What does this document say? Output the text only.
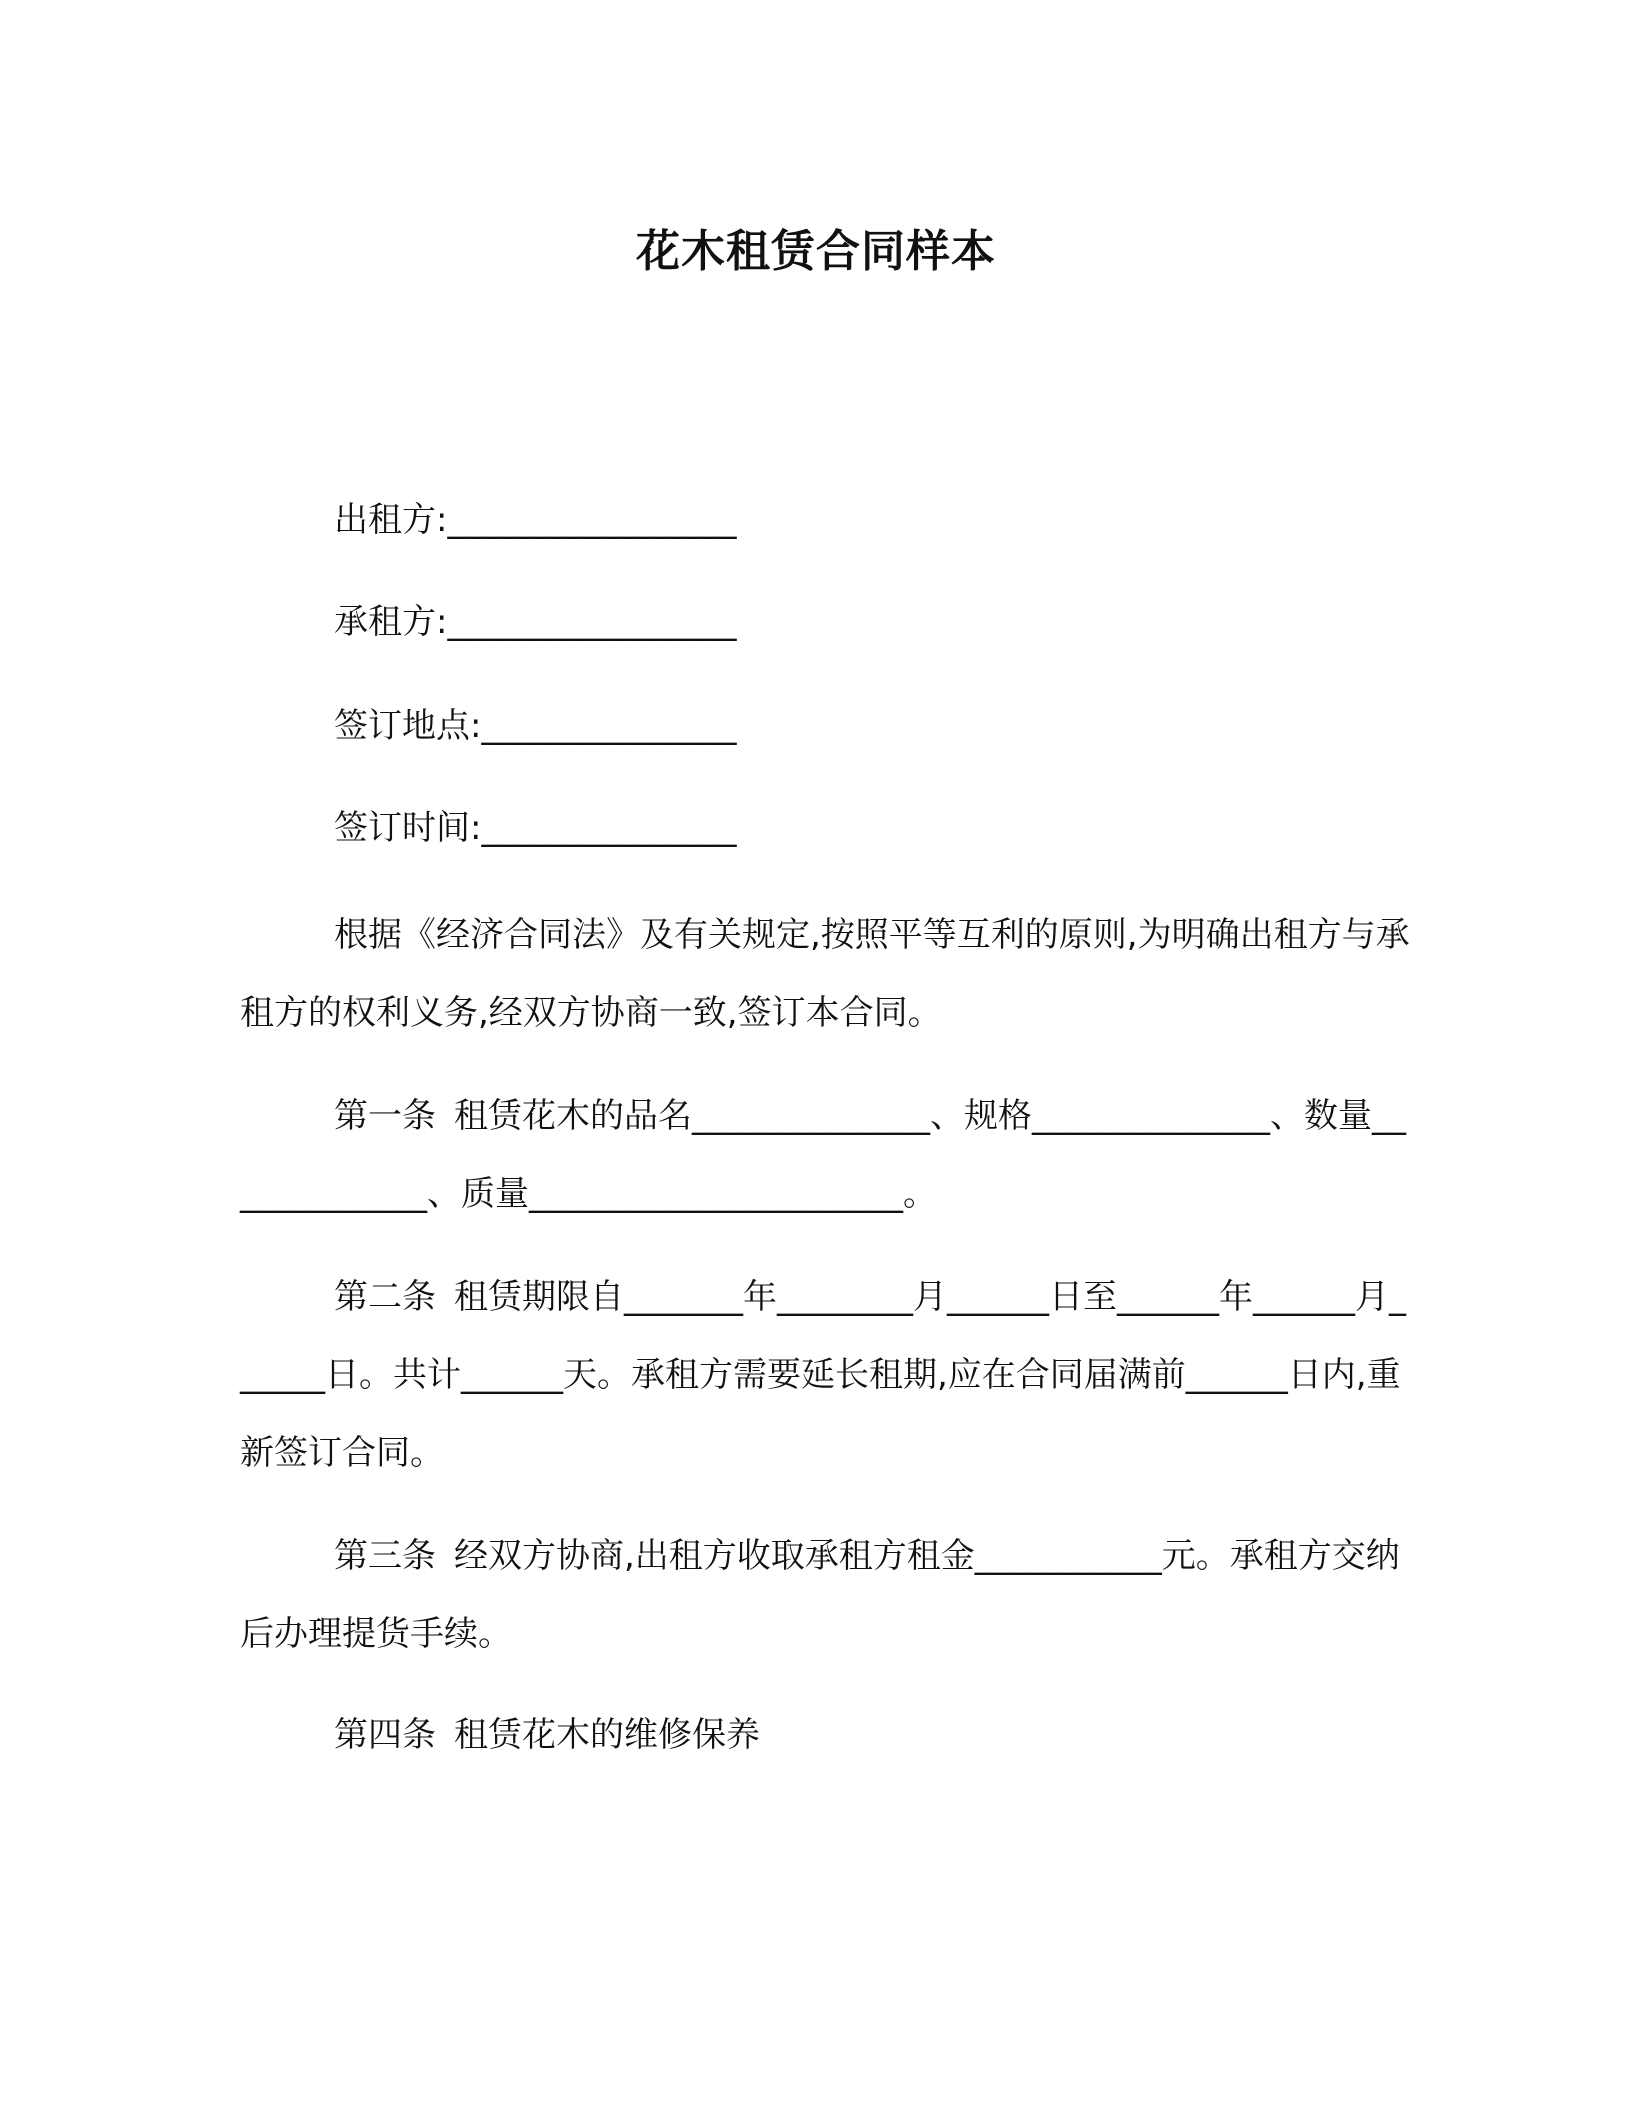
花木租赁合同样本
出租方:_________________
承租方:_________________
签订地点:_______________
签订时间:_______________
根据《经济合同法》及有关规定,按照平等互利的原则,为明确出租方与承租方的权利义务,经双方协商一致,签订本合同。
第一条 租赁花木的品名______________、规格______________、数量_____________、质量______________________。
第二条 租赁期限自_______年________月______日至______年______月______日。共计______天。承租方需要延长租期,应在合同届满前______日内,重新签订合同。
第三条 经双方协商,出租方收取承租方租金___________元。承租方交纳后办理提货手续。
第四条 租赁花木的维修保养
